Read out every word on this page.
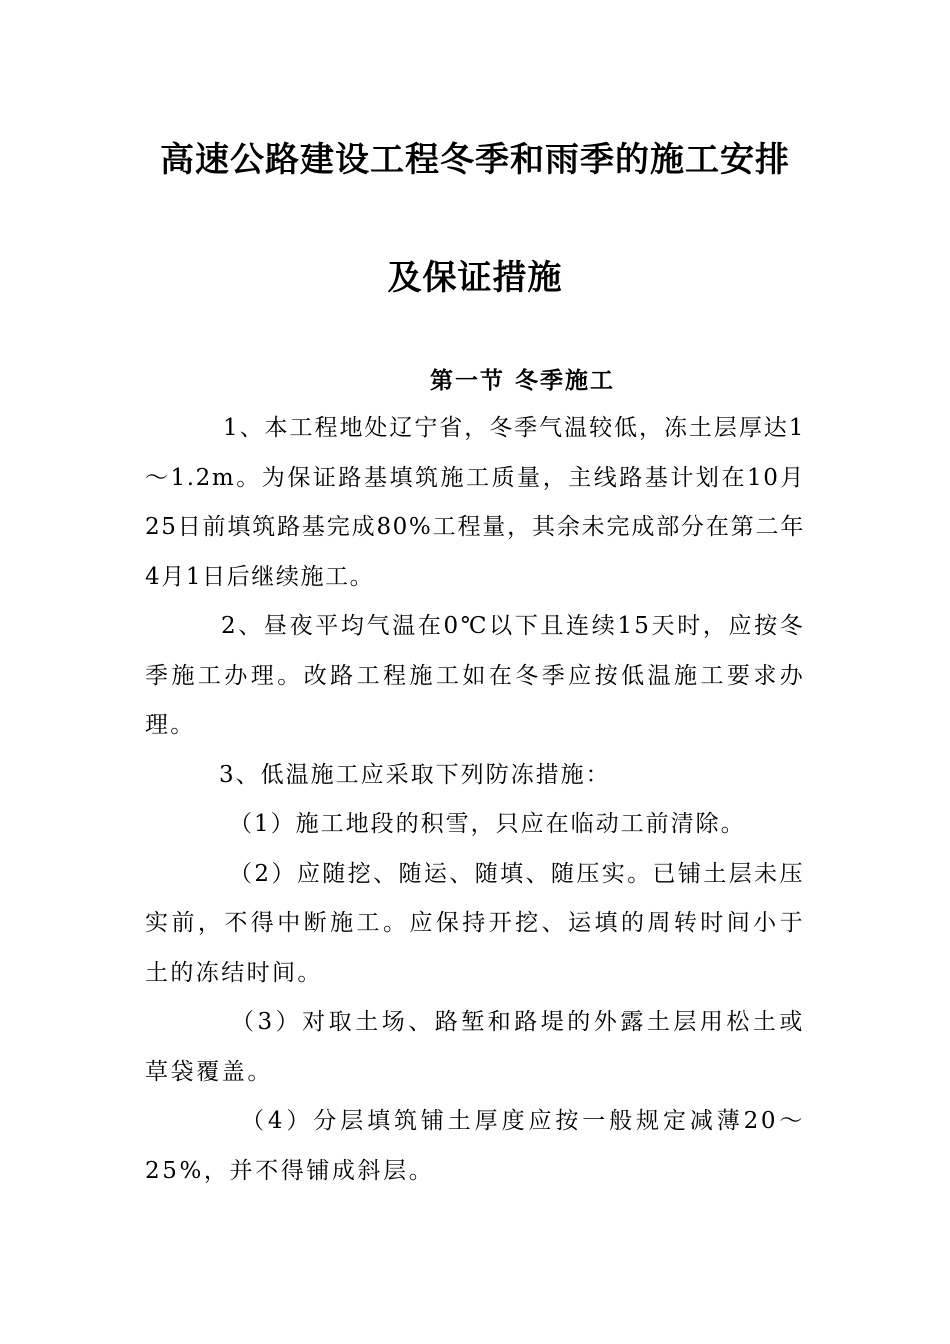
高速公路建设工程冬季和雨季的施工安排
及保证措施
第一节 冬季施工

1、本工程地处辽宁省，冬季气温较低，冻土层厚达1～1.2m。为保证路基填筑施工质量，主线路基计划在10月25日前填筑路基完成80%工程量，其余未完成部分在第二年4月1日后继续施工。

2、昼夜平均气温在0℃以下且连续15天时，应按冬季施工办理。改路工程施工如在冬季应按低温施工要求办理。

3、低温施工应采取下列防冻措施：

（1）施工地段的积雪，只应在临动工前清除。

（2）应随挖、随运、随填、随压实。已铺土层未压实前，不得中断施工。应保持开挖、运填的周转时间小于土的冻结时间。

（3）对取土场、路堑和路堤的外露土层用松土或草袋覆盖。

（4）分层填筑铺土厚度应按一般规定减薄20～25%，并不得铺成斜层。
